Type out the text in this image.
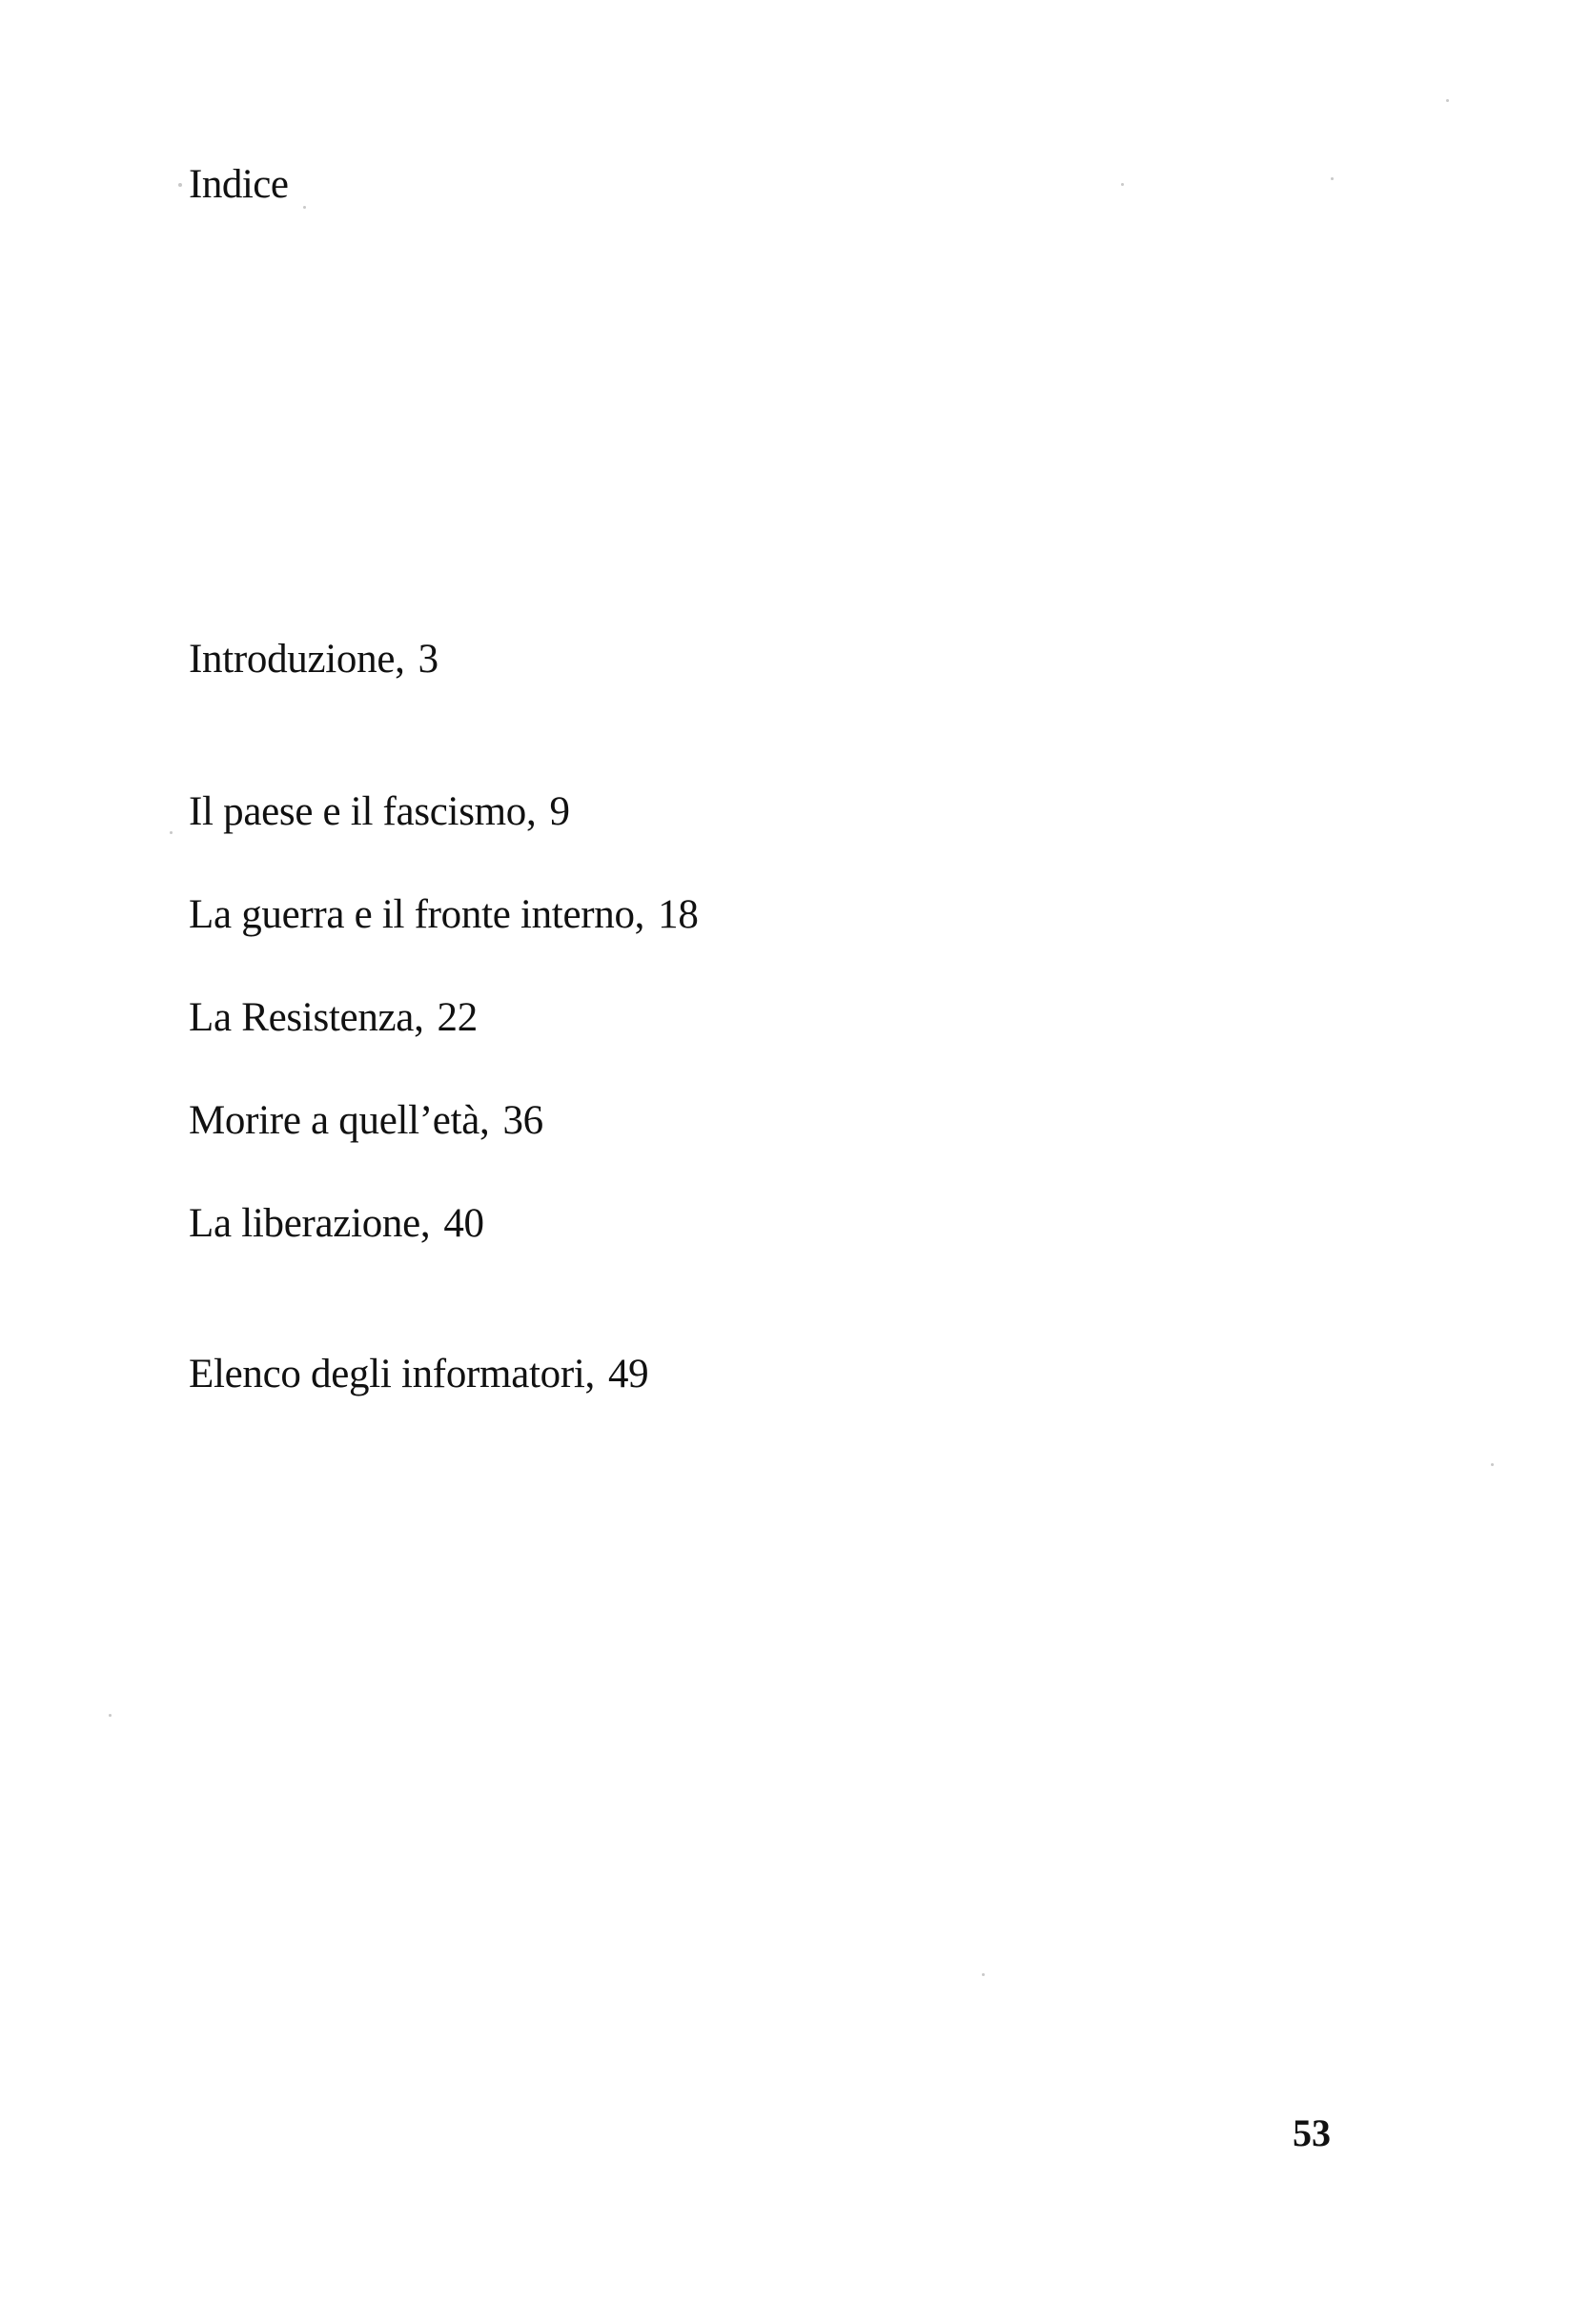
Indice
Introduzione, 3
Il paese e il fascismo, 9
La guerra e il fronte interno, 18
La Resistenza, 22
Morire a quell’età, 36
La liberazione, 40
Elenco degli informatori, 49
53
